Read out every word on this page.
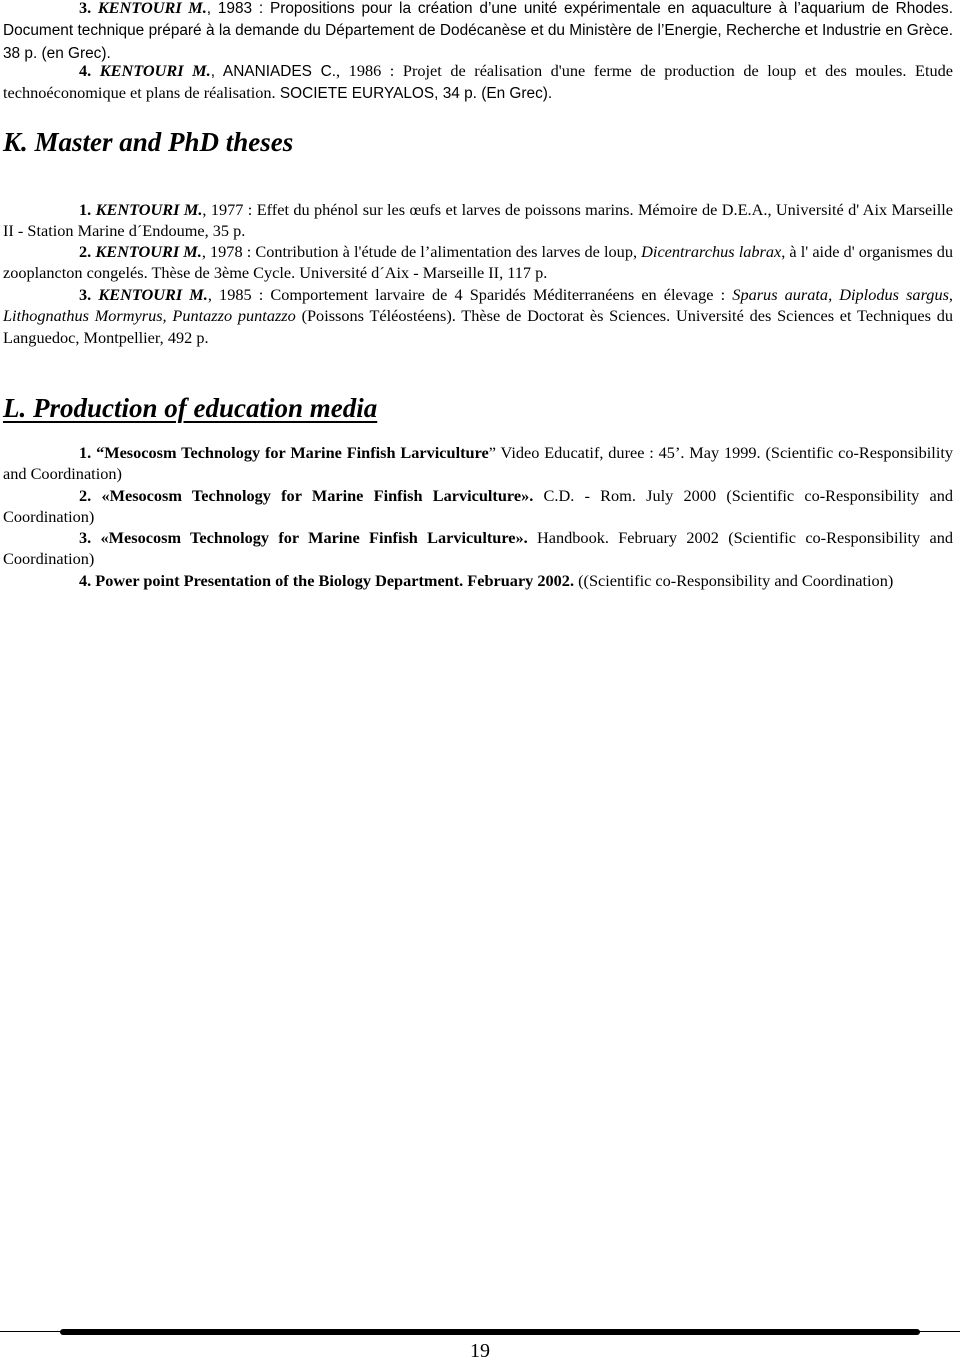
3. KENTOURI M., 1983 : Propositions pour la création d’une unité expérimentale en aquaculture à l’aquarium de Rhodes. Document technique préparé à la demande du Département de Dodécanèse et du Ministère de l’Energie, Recherche et Industrie en Grèce. 38 p. (en Grec).

4. KENTOURI M., ANANIADES C., 1986 : Projet de réalisation d'une ferme de production de loup et des moules. Etude technoéconomique et plans de réalisation. SOCIETE EURYALOS, 34 p. (En Grec).

K. Master and PhD theses

1. KENTOURI M., 1977 : Effet du phénol sur les œufs et larves de poissons marins. Mémoire de D.E.A., Université d' Aix Marseille II - Station Marine d´Endoume, 35 p.

2. KENTOURI M., 1978 : Contribution à l'étude de l’alimentation des larves de loup, Dicentrarchus labrax, à l' aide d' organismes du zooplancton congelés. Thèse de 3ème Cycle. Université d´Aix - Marseille II, 117 p.

3. KENTOURI M., 1985 : Comportement larvaire de 4 Sparidés Méditerranéens en élevage : Sparus aurata, Diplodus sargus, Lithognathus Mormyrus, Puntazzo puntazzo (Poissons Téléostéens). Thèse de Doctorat ès Sciences. Université des Sciences et Techniques du Languedoc, Montpellier, 492 p.

L. Production of education media

1. “Mesocosm Technology for Marine Finfish Larviculture” Video Educatif, duree : 45’. May 1999. (Scientific co-Responsibility and Coordination)

2. «Mesocosm Technology for Marine Finfish Larviculture». C.D. - Rom. July 2000 (Scientific co-Responsibility and Coordination)

3. «Mesocosm Technology for Marine Finfish Larviculture». Handbook. February 2002 (Scientific co-Responsibility and Coordination)

4. Power point Presentation of the Biology Department. February 2002. ((Scientific co-Responsibility and Coordination)

19
